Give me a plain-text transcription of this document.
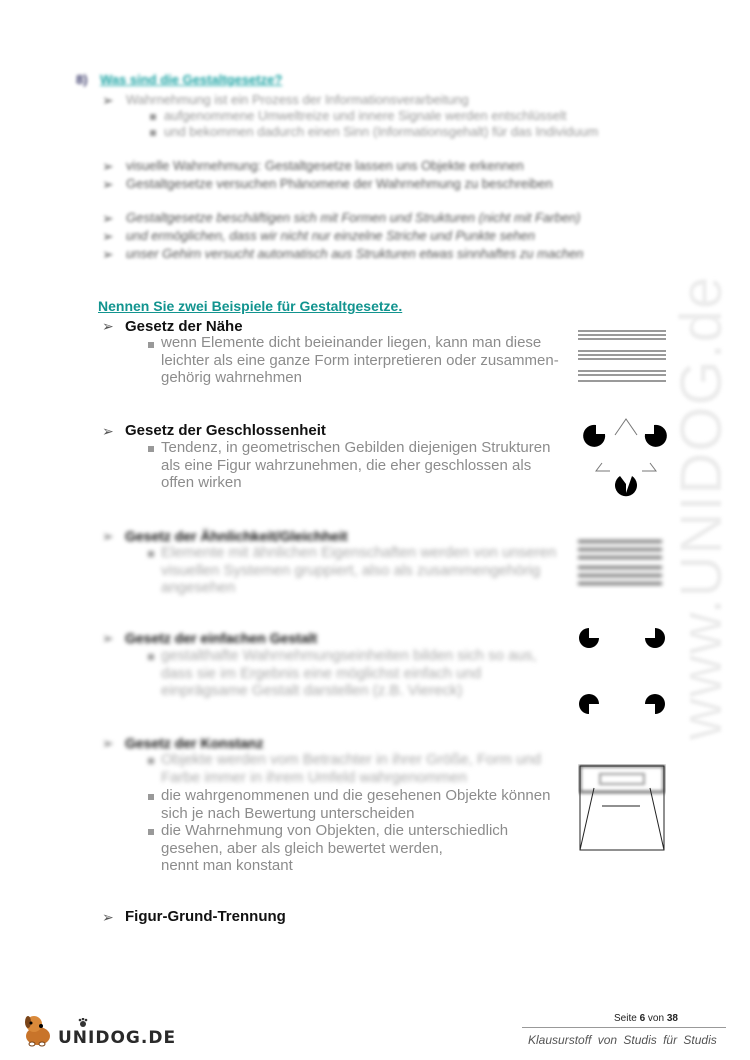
www.UNIDOG.de
8) Was sind die Gestaltgesetze?
➢ Wahrnehmung ist ein Prozess der Informationsverarbeitung
aufgenommene Umweltreize und innere Signale werden entschlüsselt
und bekommen dadurch einen Sinn (Informationsgehalt) für das Individuum
➢ visuelle Wahrnehmung: Gestaltgesetze lassen uns Objekte erkennen
➢ Gestaltgesetze versuchen Phänomene der Wahrnehmung zu beschreiben
➢ Gestaltgesetze beschäftigen sich mit Formen und Strukturen (nicht mit Farben)
➢ und ermöglichen, dass wir nicht nur einzelne Striche und Punkte sehen
➢ unser Gehirn versucht automatisch aus Strukturen etwas sinnhaftes zu machen
Nennen Sie zwei Beispiele für Gestaltgesetze.
➢ Gesetz der Nähe
wenn Elemente dicht beieinander liegen, kann man diese
leichter als eine ganze Form interpretieren oder zusammen-
gehörig wahrnehmen
➢ Gesetz der Geschlossenheit
Tendenz, in geometrischen Gebilden diejenigen Strukturen
als eine Figur wahrzunehmen, die eher geschlossen als
offen wirken
➢ Gesetz der Ähnlichkeit/Gleichheit
Elemente mit ähnlichen Eigenschaften werden von unseren
visuellen Systemen gruppiert, also als zusammengehörig
angesehen
➢ Gesetz der einfachen Gestalt
gestalthafte Wahrnehmungseinheiten bilden sich so aus,
dass sie im Ergebnis eine möglichst einfach und
einprägsame Gestalt darstellen (z.B. Viereck)
➢ Gesetz der Konstanz
Objekte werden vom Betrachter in ihrer Größe, Form und
Farbe immer in ihrem Umfeld wahrgenommen
die wahrgenommenen und die gesehenen Objekte können
sich je nach Bewertung unterscheiden
die Wahrnehmung von Objekten, die unterschiedlich
gesehen, aber als gleich bewertet werden,
nennt man konstant
➢ Figur-Grund-Trennung
Seite 6 von 38
Klausurstoff von Studis für Studis
UNIDOG.DE
